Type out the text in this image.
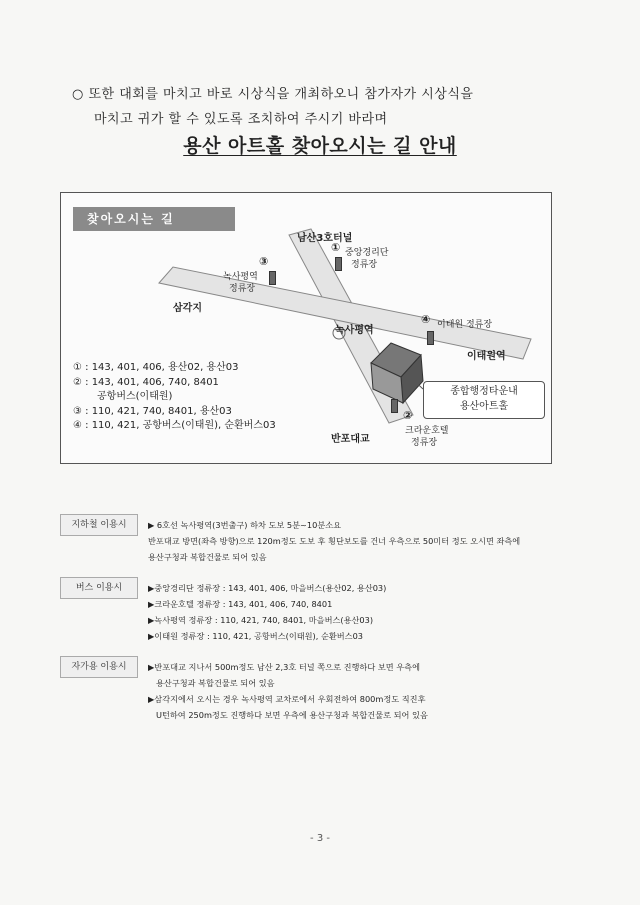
○ 또한 대회를 마치고 바로 시상식을 개최하오니 참가자가 시상식을
마치고 귀가 할 수 있도록 조치하여 주시기 바라며
용산 아트홀 찾아오시는 길 안내
찾아오시는 길
남산3호터널
삼각지
녹사평역
이태원역
반포대교
① 중앙경리단
정류장
③
녹사평역
정류장
④ 이태원 정류장
②
크라운호텔
정류장
종합행정타운내
용산아트홀
① : 143, 401, 406, 용산02, 용산03
② : 143, 401, 406, 740, 8401
공항버스(이태원)
③ : 110, 421, 740, 8401, 용산03
④ : 110, 421, 공항버스(이태원), 순환버스03
지하철 이용시	▶ 6호선 녹사평역(3번출구) 하차 도보 5분~10분소요
반포대교 방면(좌측 방향)으로 120m정도 도보 후 횡단보도를 건너 우측으로 50미터 정도 오시면 좌측에
용산구청과 복합건물로 되어 있음
버스 이용시	▶중앙경리단 정류장 : 143, 401, 406, 마을버스(용산02, 용산03)
▶크라운호텔 정류장 : 143, 401, 406, 740, 8401
▶녹사평역 정류장 : 110, 421, 740, 8401, 마을버스(용산03)
▶이태원 정류장 : 110, 421, 공항버스(이태원), 순환버스03
자가용 이용시	▶반포대교 지나서 500m정도 남산 2,3호 터널 쪽으로 진행하다 보면 우측에
용산구청과 복합건물로 되어 있음
▶삼각지에서 오시는 경우 녹사평역 교차로에서 우회전하여 800m정도 직진후
U턴하여 250m정도 진행하다 보면 우측에 용산구청과 복합건물로 되어 있음
- 3 -
